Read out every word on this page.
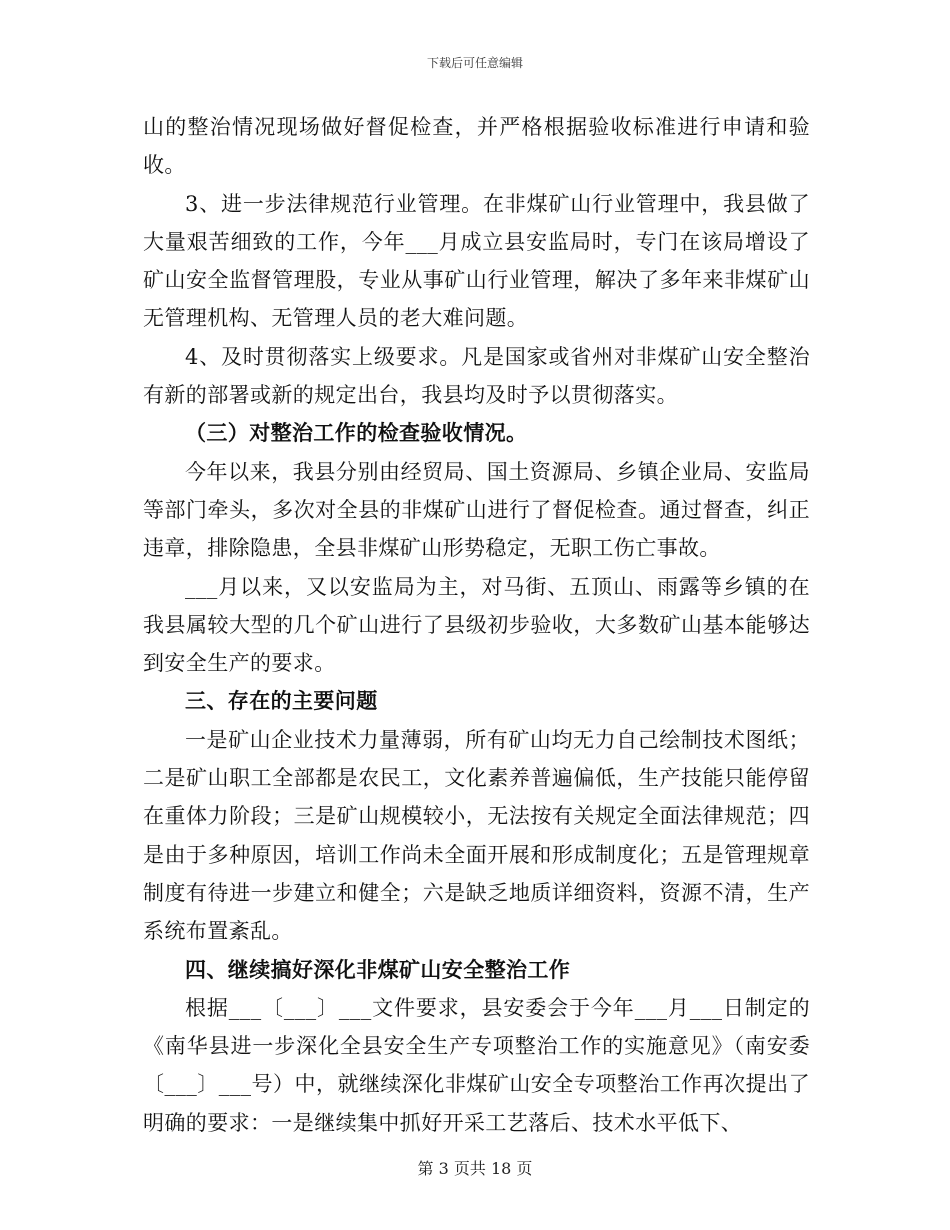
下载后可任意编辑

山的整治情况现场做好督促检查，并严格根据验收标准进行申请和验收。

3、进一步法律规范行业管理。在非煤矿山行业管理中，我县做了大量艰苦细致的工作，今年___月成立县安监局时，专门在该局增设了矿山安全监督管理股，专业从事矿山行业管理，解决了多年来非煤矿山无管理机构、无管理人员的老大难问题。

4、及时贯彻落实上级要求。凡是国家或省州对非煤矿山安全整治有新的部署或新的规定出台，我县均及时予以贯彻落实。

（三）对整治工作的检查验收情况。

今年以来，我县分别由经贸局、国土资源局、乡镇企业局、安监局等部门牵头，多次对全县的非煤矿山进行了督促检查。通过督查，纠正违章，排除隐患，全县非煤矿山形势稳定，无职工伤亡事故。

___月以来，又以安监局为主，对马街、五顶山、雨露等乡镇的在我县属较大型的几个矿山进行了县级初步验收，大多数矿山基本能够达到安全生产的要求。

三、存在的主要问题

一是矿山企业技术力量薄弱，所有矿山均无力自己绘制技术图纸；二是矿山职工全部都是农民工，文化素养普遍偏低，生产技能只能停留在重体力阶段；三是矿山规模较小，无法按有关规定全面法律规范；四是由于多种原因，培训工作尚未全面开展和形成制度化；五是管理规章制度有待进一步建立和健全；六是缺乏地质详细资料，资源不清，生产系统布置紊乱。

四、继续搞好深化非煤矿山安全整治工作

根据___〔___〕___文件要求，县安委会于今年___月___日制定的《南华县进一步深化全县安全生产专项整治工作的实施意见》（南安委〔___〕___号）中，就继续深化非煤矿山安全专项整治工作再次提出了明确的要求：一是继续集中抓好开采工艺落后、技术水平低下、

第 3 页共 18 页
